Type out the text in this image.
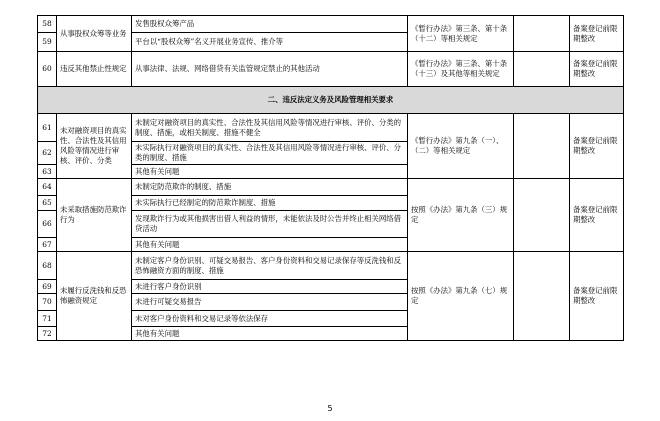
58	从事股权众筹等业务	发售股权众筹产品	《暂行办法》第三条、第十条（十二）等相关规定		备案登记前限期整改
59		平台以“股权众筹”名义开展业务宣传、推介等			
60	违反其他禁止性规定	从事法律、法规、网络借贷有关监管规定禁止的其他活动	《暂行办法》第三条、第十条（十三）及其他等相关规定		备案登记前限期整改
二、违反法定义务及风险管理相关要求					
61	未对融资项目的真实性、合法性及其信用风险等情况进行审核、评价、分类	未制定对融资项目的真实性、合法性及其信用风险等情况进行审核、评价、分类的制度、措施，或相关制度、措施不健全	《暂行办法》第九条（一）、（二）等相关规定		备案登记前限期整改
62		未实际执行对融资项目的真实性、合法性及其信用风险等情况进行审核、评价、分类的制度、措施			
63		其他有关问题			
64	未采取措施防范欺诈行为	未制定防范欺诈的制度、措施	按照《办法》第九条（三）规定		备案登记前限期整改
65		未实际执行已经制定的防范欺诈制度、措施			
66		发现欺诈行为或其他损害出借人利益的情形，未能依法及时公告并终止相关网络借贷活动			
67		其他有关问题			
68	未履行反洗钱和反恐怖融资规定	未制定客户身份识别、可疑交易报告、客户身份资料和交易记录保存等反洗钱和反恐怖融资方面的制度、措施	按照《办法》第九条（七）规定		备案登记前限期整改
69		未进行客户身份识别			
70		未进行可疑交易报告			
71		未对客户身份资料和交易记录等依法保存			
72		其他有关问题			
5
